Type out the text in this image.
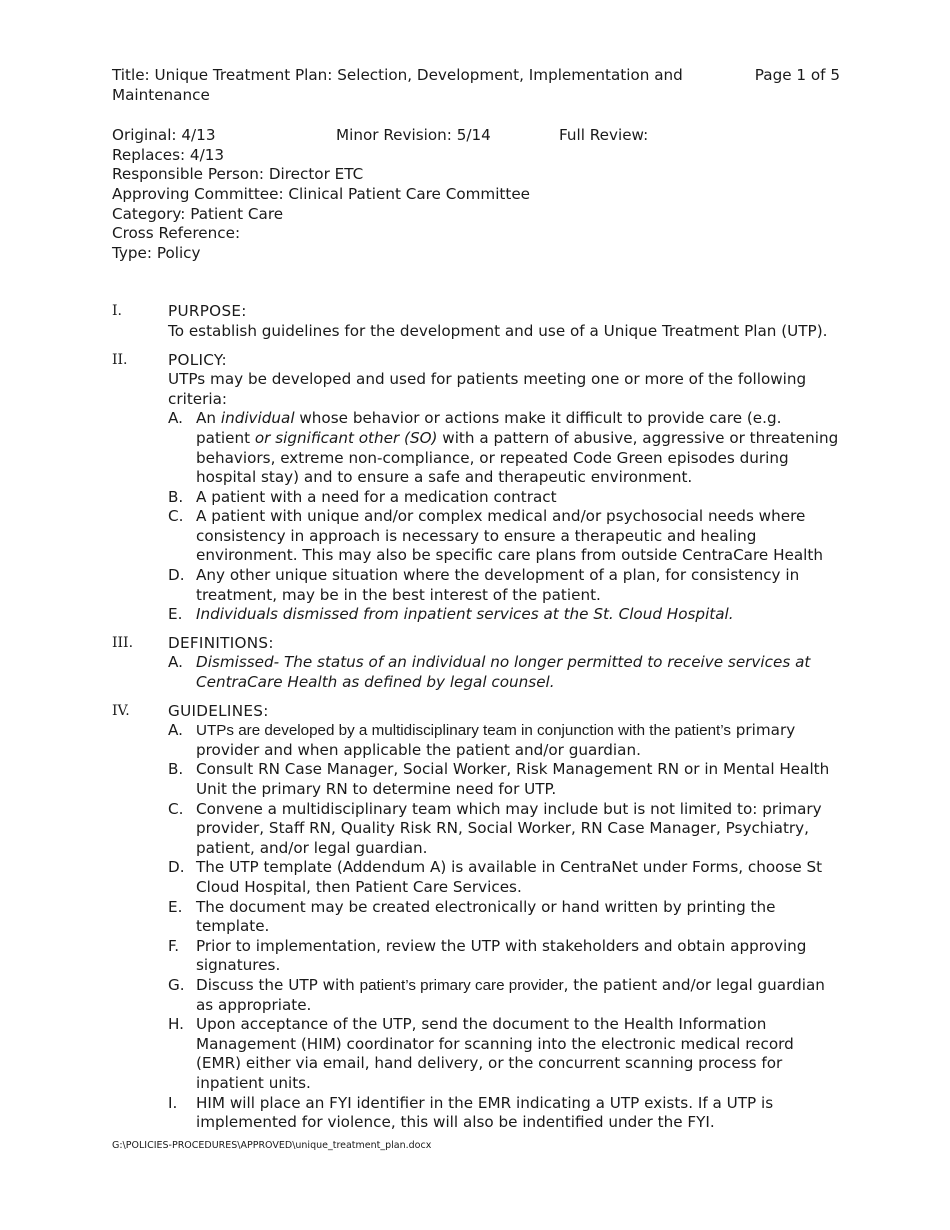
Title: Unique Treatment Plan: Selection, Development, Implementation and Maintenance
Page 1 of 5
Original: 4/13	Minor Revision: 5/14	Full Review:
Replaces: 4/13
Responsible Person: Director ETC
Approving Committee: Clinical Patient Care Committee
Category: Patient Care
Cross Reference:
Type: Policy
I.	PURPOSE:
To establish guidelines for the development and use of a Unique Treatment Plan (UTP).
II.	POLICY:
UTPs may be developed and used for patients meeting one or more of the following criteria:
A. An individual whose behavior or actions make it difficult to provide care (e.g. patient or significant other (SO) with a pattern of abusive, aggressive or threatening behaviors, extreme non-compliance, or repeated Code Green episodes during hospital stay) and to ensure a safe and therapeutic environment.
B. A patient with a need for a medication contract
C. A patient with unique and/or complex medical and/or psychosocial needs where consistency in approach is necessary to ensure a therapeutic and healing environment. This may also be specific care plans from outside CentraCare Health
D. Any other unique situation where the development of a plan, for consistency in treatment, may be in the best interest of the patient.
E. Individuals dismissed from inpatient services at the St. Cloud Hospital.
III.	DEFINITIONS:
A. Dismissed- The status of an individual no longer permitted to receive services at CentraCare Health as defined by legal counsel.
IV.	GUIDELINES:
A. UTPs are developed by a multidisciplinary team in conjunction with the patient’s primary provider and when applicable the patient and/or guardian.
B. Consult RN Case Manager, Social Worker, Risk Management RN or in Mental Health Unit the primary RN to determine need for UTP.
C. Convene a multidisciplinary team which may include but is not limited to: primary provider, Staff RN, Quality Risk RN, Social Worker, RN Case Manager, Psychiatry, patient, and/or legal guardian.
D. The UTP template (Addendum A) is available in CentraNet under Forms, choose St Cloud Hospital, then Patient Care Services.
E. The document may be created electronically or hand written by printing the template.
F.	Prior to implementation, review the UTP with stakeholders and obtain approving signatures.
G. Discuss the UTP with patient’s primary care provider, the patient and/or legal guardian as appropriate.
H. Upon acceptance of the UTP, send the document to the Health Information Management (HIM) coordinator for scanning into the electronic medical record (EMR) either via email, hand delivery, or the concurrent scanning process for inpatient units.
I.	HIM will place an FYI identifier in the EMR indicating a UTP exists. If a UTP is implemented for violence, this will also be indentified under the FYI.
G:\POLICIES-PROCEDURES\APPROVED\unique_treatment_plan.docx
